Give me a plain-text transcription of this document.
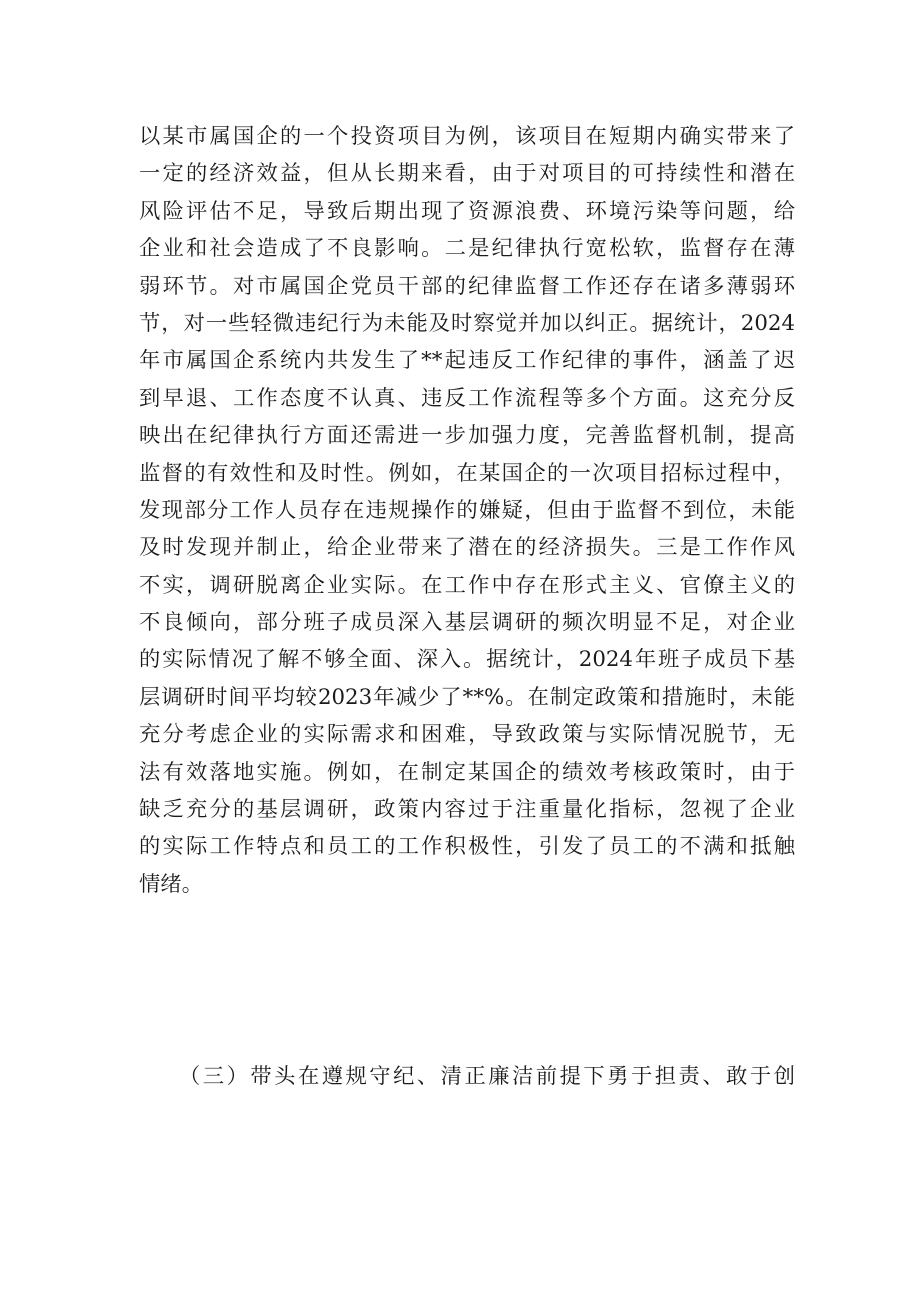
以某市属国企的一个投资项目为例，该项目在短期内确实带来了
一定的经济效益，但从长期来看，由于对项目的可持续性和潜在
风险评估不足，导致后期出现了资源浪费、环境污染等问题，给
企业和社会造成了不良影响。二是纪律执行宽松软，监督存在薄
弱环节。对市属国企党员干部的纪律监督工作还存在诸多薄弱环
节，对一些轻微违纪行为未能及时察觉并加以纠正。据统计，2024
年市属国企系统内共发生了**起违反工作纪律的事件，涵盖了迟
到早退、工作态度不认真、违反工作流程等多个方面。这充分反
映出在纪律执行方面还需进一步加强力度，完善监督机制，提高
监督的有效性和及时性。例如，在某国企的一次项目招标过程中，
发现部分工作人员存在违规操作的嫌疑，但由于监督不到位，未能
及时发现并制止，给企业带来了潜在的经济损失。三是工作作风
不实，调研脱离企业实际。在工作中存在形式主义、官僚主义的
不良倾向，部分班子成员深入基层调研的频次明显不足，对企业
的实际情况了解不够全面、深入。据统计，2024年班子成员下基
层调研时间平均较2023年减少了**%。在制定政策和措施时，未能
充分考虑企业的实际需求和困难，导致政策与实际情况脱节，无
法有效落地实施。例如，在制定某国企的绩效考核政策时，由于
缺乏充分的基层调研，政策内容过于注重量化指标，忽视了企业
的实际工作特点和员工的工作积极性，引发了员工的不满和抵触
情绪。
（三）带头在遵规守纪、清正廉洁前提下勇于担责、敢于创
